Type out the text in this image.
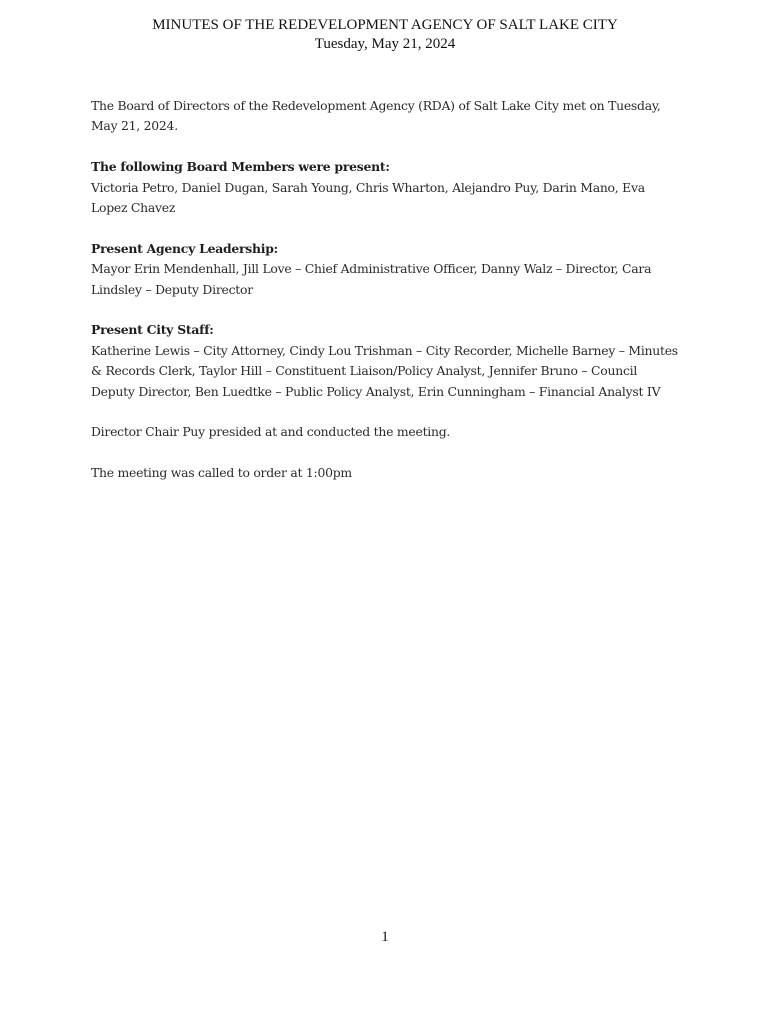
MINUTES OF THE REDEVELOPMENT AGENCY OF SALT LAKE CITY
Tuesday, May 21, 2024

The Board of Directors of the Redevelopment Agency (RDA) of Salt Lake City met on Tuesday, May 21, 2024.

The following Board Members were present:
Victoria Petro, Daniel Dugan, Sarah Young, Chris Wharton, Alejandro Puy, Darin Mano, Eva Lopez Chavez
Present Agency Leadership:
Mayor Erin Mendenhall, Jill Love – Chief Administrative Officer, Danny Walz – Director, Cara Lindsley – Deputy Director
Present City Staff:
Katherine Lewis – City Attorney, Cindy Lou Trishman – City Recorder, Michelle Barney – Minutes & Records Clerk, Taylor Hill – Constituent Liaison/Policy Analyst, Jennifer Bruno – Council Deputy Director, Ben Luedtke – Public Policy Analyst, Erin Cunningham – Financial Analyst IV

Director Chair Puy presided at and conducted the meeting.

The meeting was called to order at 1:00pm

1
